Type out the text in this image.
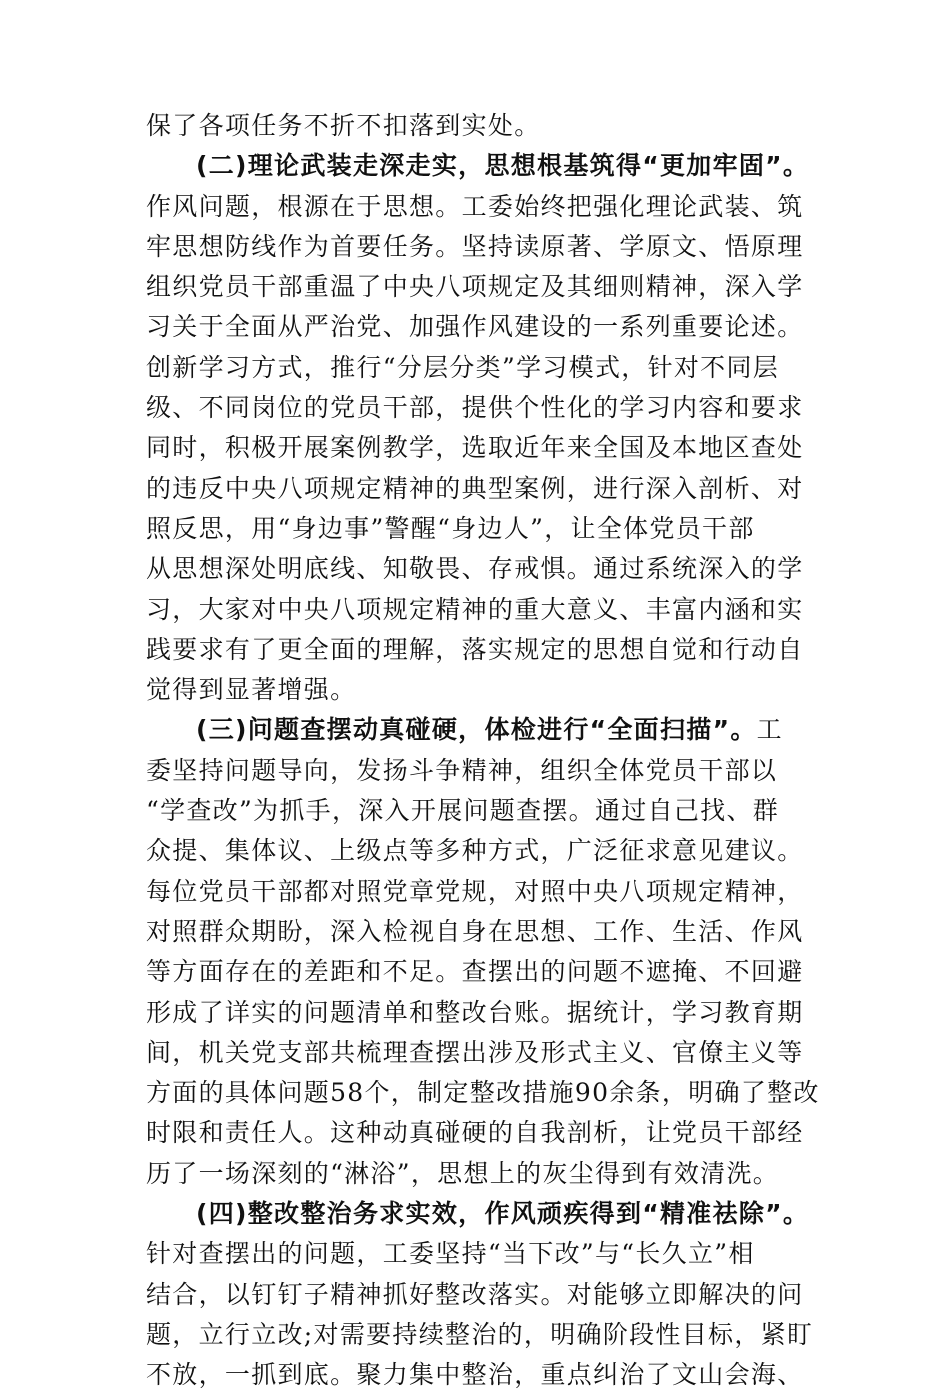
保了各项任务不折不扣落到实处。
(二)理论武装走深走实，思想根基筑得“更加牢固”。
作风问题，根源在于思想。工委始终把强化理论武装、筑
牢思想防线作为首要任务。坚持读原著、学原文、悟原理
组织党员干部重温了中央八项规定及其细则精神，深入学
习关于全面从严治党、加强作风建设的一系列重要论述。
创新学习方式，推行“分层分类”学习模式，针对不同层
级、不同岗位的党员干部，提供个性化的学习内容和要求
同时，积极开展案例教学，选取近年来全国及本地区查处
的违反中央八项规定精神的典型案例，进行深入剖析、对
照反思，用“身边事”警醒“身边人”，让全体党员干部
从思想深处明底线、知敬畏、存戒惧。通过系统深入的学
习，大家对中央八项规定精神的重大意义、丰富内涵和实
践要求有了更全面的理解，落实规定的思想自觉和行动自
觉得到显著增强。
(三)问题查摆动真碰硬，体检进行“全面扫描”。工
委坚持问题导向，发扬斗争精神，组织全体党员干部以
“学查改”为抓手，深入开展问题查摆。通过自己找、群
众提、集体议、上级点等多种方式，广泛征求意见建议。
每位党员干部都对照党章党规，对照中央八项规定精神，
对照群众期盼，深入检视自身在思想、工作、生活、作风
等方面存在的差距和不足。查摆出的问题不遮掩、不回避
形成了详实的问题清单和整改台账。据统计，学习教育期
间，机关党支部共梳理查摆出涉及形式主义、官僚主义等
方面的具体问题58个，制定整改措施90余条，明确了整改
时限和责任人。这种动真碰硬的自我剖析，让党员干部经
历了一场深刻的“淋浴”，思想上的灰尘得到有效清洗。
(四)整改整治务求实效，作风顽疾得到“精准祛除”。
针对查摆出的问题，工委坚持“当下改”与“长久立”相
结合，以钉钉子精神抓好整改落实。对能够立即解决的问
题，立行立改;对需要持续整治的，明确阶段性目标，紧盯
不放，一抓到底。聚力集中整治，重点纠治了文山会海、
